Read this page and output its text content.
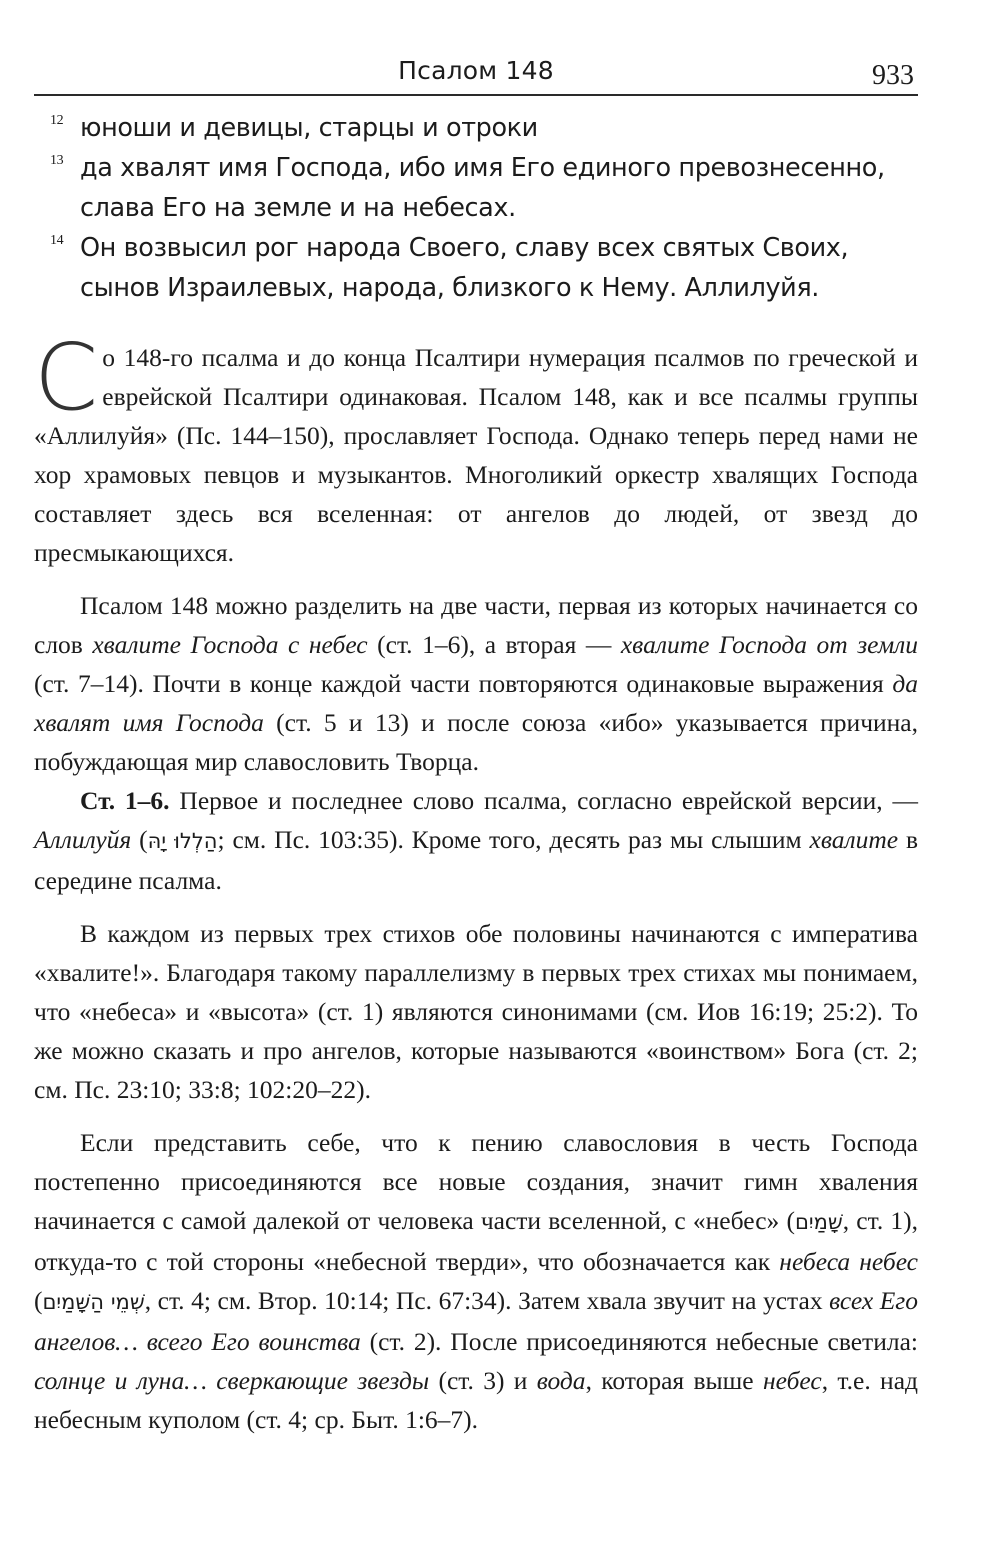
Псалом 148	933
12 юноши и девицы, старцы и отроки
13 да хвалят имя Господа, ибо имя Его единого превознесенно, слава Его на земле и на небесах.
14 Он возвысил рог народа Своего, славу всех святых Своих, сынов Израилевых, народа, близкого к Нему. Аллилуйя.

Со 148-го псалма и до конца Псалтири нумерация псалмов по греческой и еврейской Псалтири одинаковая. Псалом 148, как и все псалмы группы «Аллилуйя» (Пс. 144–150), прославляет Господа. Однако теперь перед нами не хор храмовых певцов и музыкантов. Многоликий оркестр хвалящих Господа составляет здесь вся вселенная: от ангелов до людей, от звезд до пресмыкающихся.

Псалом 148 можно разделить на две части, первая из которых начинается со слов хвалите Господа с небес (ст. 1–6), а вторая — хвалите Господа от земли (ст. 7–14). Почти в конце каждой части повторяются одинаковые выражения да хвалят имя Господа (ст. 5 и 13) и после союза «ибо» указывается причина, побуждающая мир славословить Творца.

Ст. 1–6. Первое и последнее слово псалма, согласно еврейской версии, — Аллилуйя (הַלְלוּ יָהּ; см. Пс. 103:35). Кроме того, десять раз мы слышим хвалите в середине псалма.

В каждом из первых трех стихов обе половины начинаются с императива «хвалите!». Благодаря такому параллелизму в первых трех стихах мы понимаем, что «небеса» и «высота» (ст. 1) являются синонимами (см. Иов 16:19; 25:2). То же можно сказать и про ангелов, которые называются «воинством» Бога (ст. 2; см. Пс. 23:10; 33:8; 102:20–22).

Если представить себе, что к пению славословия в честь Господа постепенно присоединяются все новые создания, значит гимн хваления начинается с самой далекой от человека части вселенной, с «небес» (שָׁמַיִם, ст. 1), откуда-то с той стороны «небесной тверди», что обозначается как небеса небес (שְׁמֵי הַשָּׁמַיִם, ст. 4; см. Втор. 10:14; Пс. 67:34). Затем хвала звучит на устах всех Его ангелов… всего Его воинства (ст. 2). После присоединяются небесные светила: солнце и луна… сверкающие звезды (ст. 3) и вода, которая выше небес, т.е. над небесным куполом (ст. 4; ср. Быт. 1:6–7).
